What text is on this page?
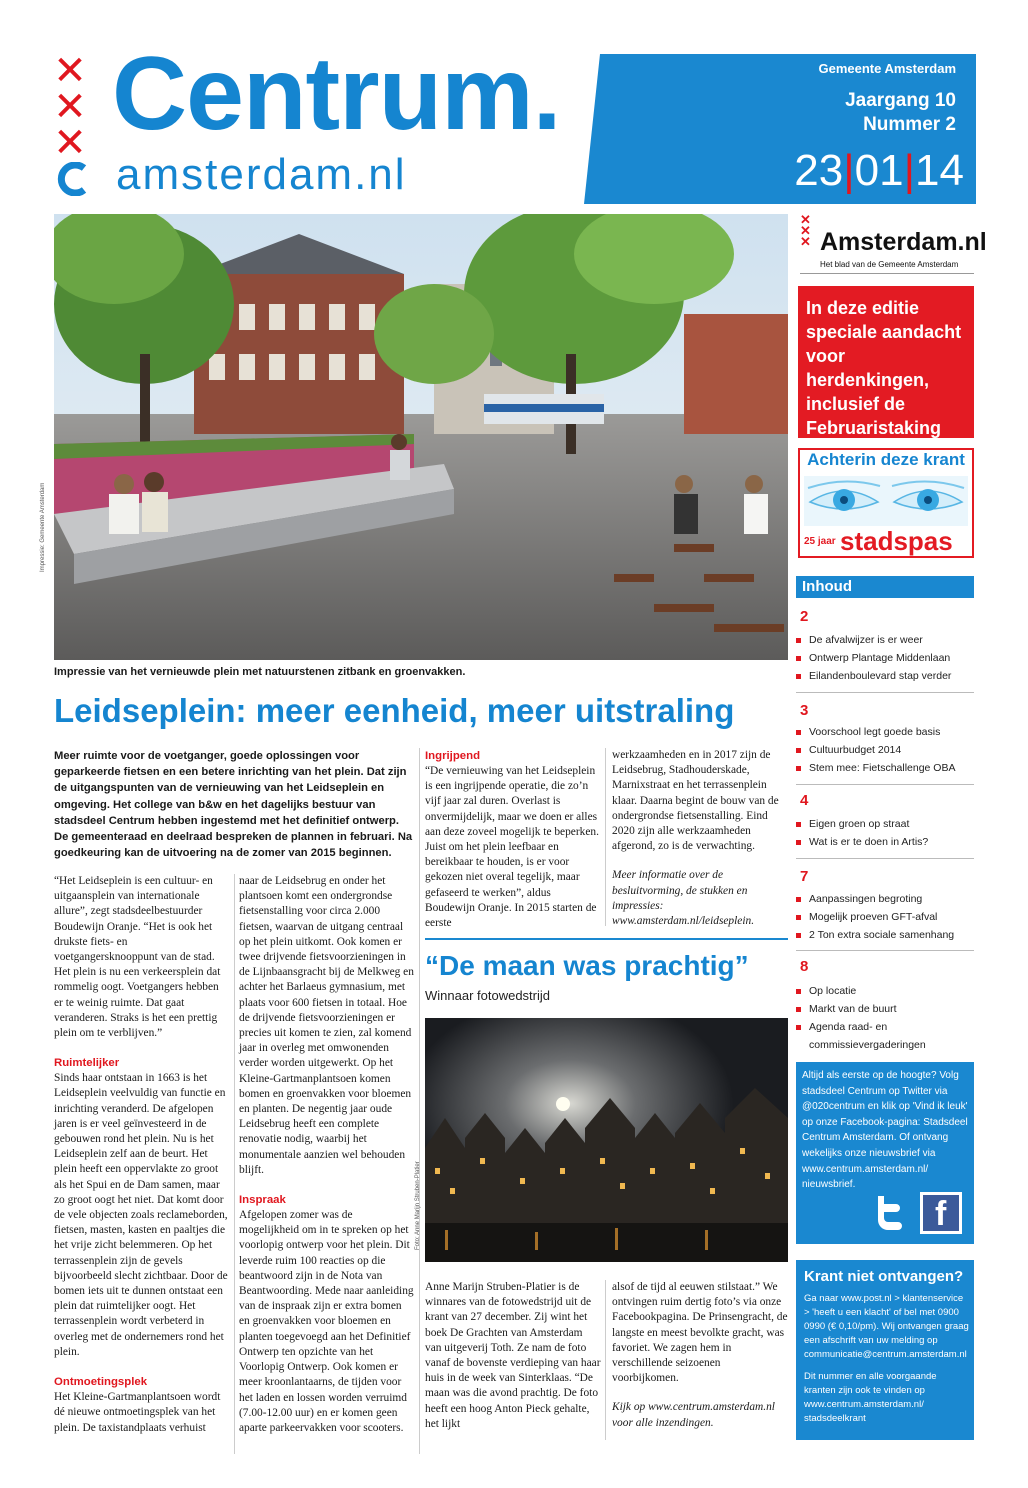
✕
✕
✕ Centrum.
amsterdam.nl
Gemeente Amsterdam
Jaargang 10
Nummer 2
23|01|14
✕
✕
✕ Amsterdam.nl
Het blad van de Gemeente Amsterdam
In deze editie speciale aandacht voor herdenkingen, inclusief de Februaristaking
Achterin deze krant
25 jaar stadspas
Inhoud
2
De afvalwijzer is er weer
Ontwerp Plantage Middenlaan
Eilandenboulevard stap verder
3
Voorschool legt goede basis
Cultuurbudget 2014
Stem mee: Fietschallenge OBA
4
Eigen groen op straat
Wat is er te doen in Artis?
7
Aanpassingen begroting
Mogelijk proeven GFT-afval
2 Ton extra sociale samenhang
8
Op locatie
Markt van de buurt
Agenda raad- en
commissievergaderingen
Altijd als eerste op de hoogte? Volg stadsdeel Centrum op Twitter via @020centrum en klik op 'Vind ik leuk' op onze Facebook-pagina: Stadsdeel Centrum Amsterdam. Of ontvang wekelijks onze nieuwsbrief via www.centrum.amsterdam.nl/ nieuwsbrief.
f
Krant niet ontvangen?
Ga naar www.post.nl > klantenservice > 'heeft u een klacht' of bel met 0900 0990 (€ 0,10/pm). Wij ontvangen graag een afschrift van uw melding op communicatie@centrum.amsterdam.nl
Dit nummer en alle voorgaande kranten zijn ook te vinden op www.centrum.amsterdam.nl/ stadsdeelkrant
Impressie: Gemeente Amsterdam
Impressie van het vernieuwde plein met natuurstenen zitbank en groenvakken.
Leidseplein: meer eenheid, meer uitstraling
Meer ruimte voor de voetganger, goede oplossingen voor geparkeerde fietsen en een betere inrichting van het plein. Dat zijn de uitgangspunten van de vernieuwing van het Leidseplein en omgeving. Het college van b&w en het dagelijks bestuur van stadsdeel Centrum hebben ingestemd met het definitief ontwerp. De gemeenteraad en deelraad bespreken de plannen in februari. Na goedkeuring kan de uitvoering na de zomer van 2015 beginnen.
“Het Leidseplein is een cultuur- en uitgaansplein van internationale allure”, zegt stadsdeelbestuurder Boudewijn Oranje. “Het is ook het drukste fiets- en voetgangersknooppunt van de stad. Het plein is nu een verkeersplein dat rommelig oogt. Voetgangers hebben er te weinig ruimte. Dat gaat veranderen. Straks is het een prettig plein om te verblijven.”
Ruimtelijker
Sinds haar ontstaan in 1663 is het Leidseplein veelvuldig van functie en inrichting veranderd. De afgelopen jaren is er veel geïnvesteerd in de gebouwen rond het plein. Nu is het Leidseplein zelf aan de beurt. Het plein heeft een oppervlakte zo groot als het Spui en de Dam samen, maar zo groot oogt het niet. Dat komt door de vele objecten zoals reclameborden, fietsen, masten, kasten en paaltjes die het vrije zicht belemmeren. Op het terrassenplein zijn de gevels bijvoorbeeld slecht zichtbaar. Door de bomen iets uit te dunnen ontstaat een plein dat ruimtelijker oogt. Het terrassenplein wordt verbeterd in overleg met de ondernemers rond het plein.
Ontmoetingsplek
Het Kleine-Gartmanplantsoen wordt dé nieuwe ontmoetingsplek van het plein. De taxistandplaats verhuist
naar de Leidsebrug en onder het plantsoen komt een ondergrondse fietsenstalling voor circa 2.000 fietsen, waarvan de uitgang centraal op het plein uitkomt. Ook komen er twee drijvende fietsvoorzieningen in de Lijnbaansgracht bij de Melkweg en achter het Barlaeus gymnasium, met plaats voor 600 fietsen in totaal. Hoe de drijvende fietsvoorzieningen er precies uit komen te zien, zal komend jaar in overleg met omwonenden verder worden uitgewerkt. Op het Kleine-Gartmanplantsoen komen bomen en groenvakken voor bloemen en planten. De negentig jaar oude Leidsebrug heeft een complete renovatie nodig, waarbij het monumentale aanzien wel behouden blijft.
Inspraak
Afgelopen zomer was de mogelijkheid om in te spreken op het voorlopig ontwerp voor het plein. Dit leverde ruim 100 reacties op die beantwoord zijn in de Nota van Beantwoording. Mede naar aanleiding van de inspraak zijn er extra bomen en groenvakken voor bloemen en planten toegevoegd aan het Definitief Ontwerp ten opzichte van het Voorlopig Ontwerp. Ook komen er meer kroonlantaarns, de tijden voor het laden en lossen worden verruimd (7.00-12.00 uur) en er komen geen aparte parkeervakken voor scooters.
Ingrijpend
“De vernieuwing van het Leidseplein is een ingrijpende operatie, die zo’n vijf jaar zal duren. Overlast is onvermijdelijk, maar we doen er alles aan deze zoveel mogelijk te beperken. Juist om het plein leefbaar en bereikbaar te houden, is er voor gekozen niet overal tegelijk, maar gefaseerd te werken”, aldus Boudewijn Oranje. In 2015 starten de eerste
werkzaamheden en in 2017 zijn de Leidsebrug, Stadhouderskade, Marnixstraat en het terrassenplein klaar. Daarna begint de bouw van de ondergrondse fietsenstalling. Eind 2020 zijn alle werkzaamheden afgerond, zo is de verwachting.
Meer informatie over de besluitvorming, de stukken en impressies: www.amsterdam.nl/leidseplein.
“De maan was prachtig”
Winnaar fotowedstrijd
Foto: Anne Marijn Struben-Platier
Anne Marijn Struben-Platier is de winnares van de fotowedstrijd uit de krant van 27 december. Zij wint het boek De Grachten van Amsterdam van uitgeverij Toth. Ze nam de foto vanaf de bovenste verdieping van haar huis in de week van Sinterklaas. “De maan was die avond prachtig. De foto heeft een hoog Anton Pieck gehalte, het lijkt
alsof de tijd al eeuwen stilstaat.” We ontvingen ruim dertig foto’s via onze Facebookpagina. De Prinsengracht, de langste en meest bevolkte gracht, was favoriet. We zagen hem in verschillende seizoenen voorbijkomen.
Kijk op www.centrum.amsterdam.nl voor alle inzendingen.
